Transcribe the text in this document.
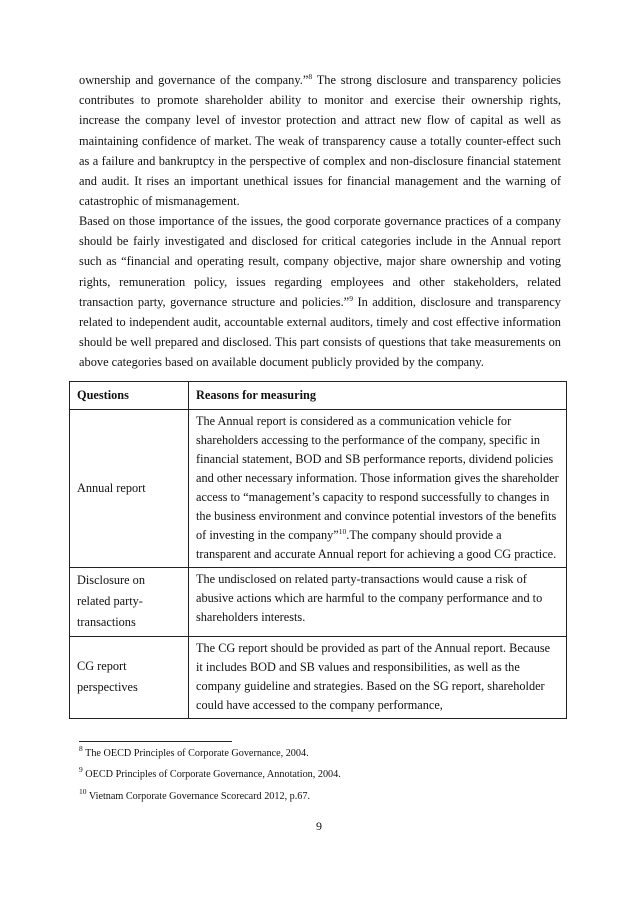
ownership and governance of the company.”$^8$ The strong disclosure and transparency policies contributes to promote shareholder ability to monitor and exercise their ownership rights, increase the company level of investor protection and attract new flow of capital as well as maintaining confidence of market. The weak of transparency cause a totally counter-effect such as a failure and bankruptcy in the perspective of complex and non-disclosure financial statement and audit. It rises an important unethical issues for financial management and the warning of catastrophic of mismanagement.

Based on those importance of the issues, the good corporate governance practices of a company should be fairly investigated and disclosed for critical categories include in the Annual report such as “financial and operating result, company objective, major share ownership and voting rights, remuneration policy, issues regarding employees and other stakeholders, related transaction party, governance structure and policies.”$^9$ In addition, disclosure and transparency related to independent audit, accountable external auditors, timely and cost effective information should be well prepared and disclosed. This part consists of questions that take measurements on above categories based on available document publicly provided by the company.

Questions	Reasons for measuring
Annual report	The Annual report is considered as a communication vehicle for shareholders accessing to the performance of the company, specific in financial statement, BOD and SB performance reports, dividend policies and other necessary information. Those information gives the shareholder access to “management’s capacity to respond successfully to changes in the business environment and convince potential investors of the benefits of investing in the company”$^{10}$.The company should provide a transparent and accurate Annual report for achieving a good CG practice.
Disclosure on related party-transactions	The undisclosed on related party-transactions would cause a risk of abusive actions which are harmful to the company performance and to shareholders interests.
CG report perspectives	The CG report should be provided as part of the Annual report. Because it includes BOD and SB values and responsibilities, as well as the company guideline and strategies. Based on the SG report, shareholder could have accessed to the company performance,

$^8$ The OECD Principles of Corporate Governance, 2004.

$^9$ OECD Principles of Corporate Governance, Annotation, 2004.

$^{10}$ Vietnam Corporate Governance Scorecard 2012, p.67.

9
